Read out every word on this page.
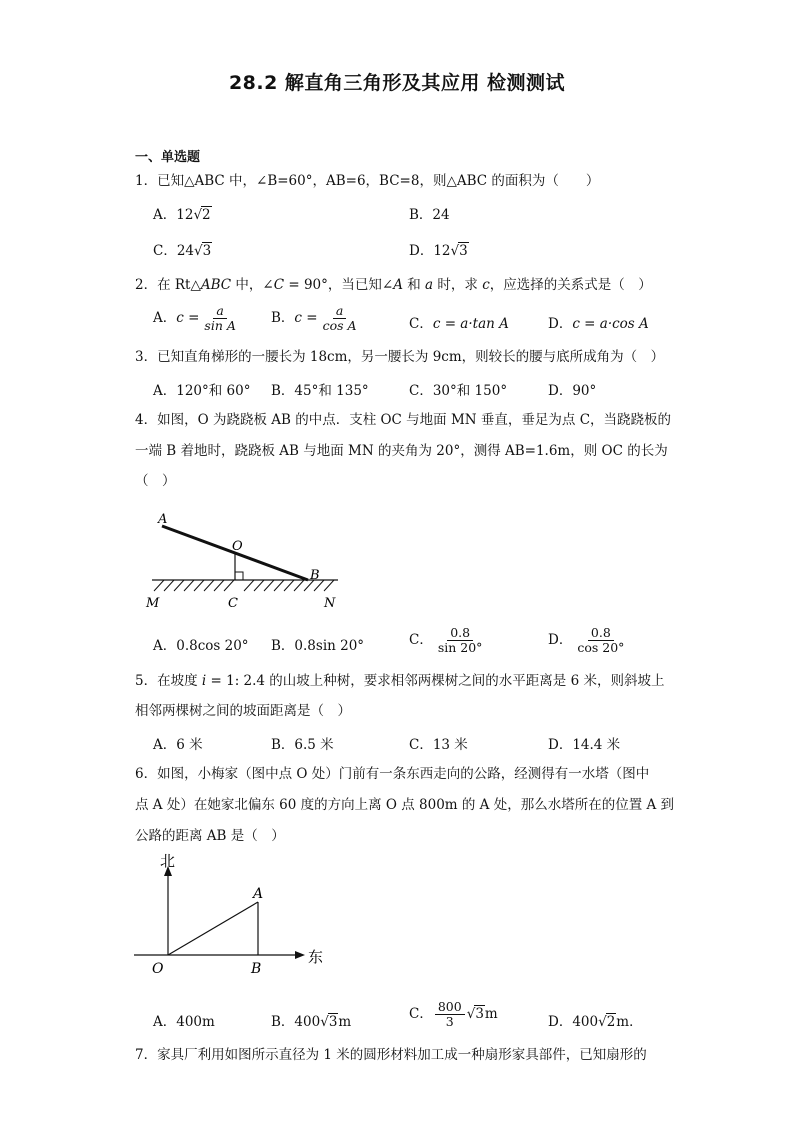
28.2 解直角三角形及其应用 检测测试
一、单选题
1．已知△ABC 中，∠B=60°，AB=6，BC=8，则△ABC 的面积为（　　）
A．12√2	B．24
C．24√3	D．12√3
2．在 Rt△ABC 中，∠C = 90°，当已知∠A 和 a 时，求 c，应选择的关系式是（　）
A．$c = \frac{a}{\text{sin A}}$ B．$c = \frac{a}{\text{cos A}}$	C．c = a·tan A	D．c = a·cos A
3．已知直角梯形的一腰长为 18cm，另一腰长为 9cm，则较长的腰与底所成角为（　）
A．120°和 60° B．45°和 135°	C．30°和 150°	D．90°
4．如图，O 为跷跷板 AB 的中点．支柱 OC 与地面 MN 垂直，垂足为点 C，当跷跷板的
一端 B 着地时，跷跷板 AB 与地面 MN 的夹角为 20°，测得 AB=1.6m，则 OC 的长为
（　）
A
O
B
M	C	N
A．0.8cos 20° B．0.8sin 20°	C． $\frac{0.8}{\sin 20^\circ}$	D． $\frac{0.8}{\cos 20^\circ}$
5．在坡度 i = 1: 2.4 的山坡上种树，要求相邻两棵树之间的水平距离是 6 米，则斜坡上
相邻两棵树之间的坡面距离是（　）
A．6 米	B．6.5 米	C．13 米	D．14.4 米
6．如图，小梅家（图中点 O 处）门前有一条东西走向的公路，经测得有一水塔（图中
点 A 处）在她家北偏东 60 度的方向上离 O 点 800m 的 A 处，那么水塔所在的位置 A 到
公路的距离 AB 是（　）
北
东
A
O	B
A．400m	B．400√3m	C． $\frac{800}{3} √3m$	D．400√2m．
7．家具厂利用如图所示直径为 1 米的圆形材料加工成一种扇形家具部件，已知扇形的
